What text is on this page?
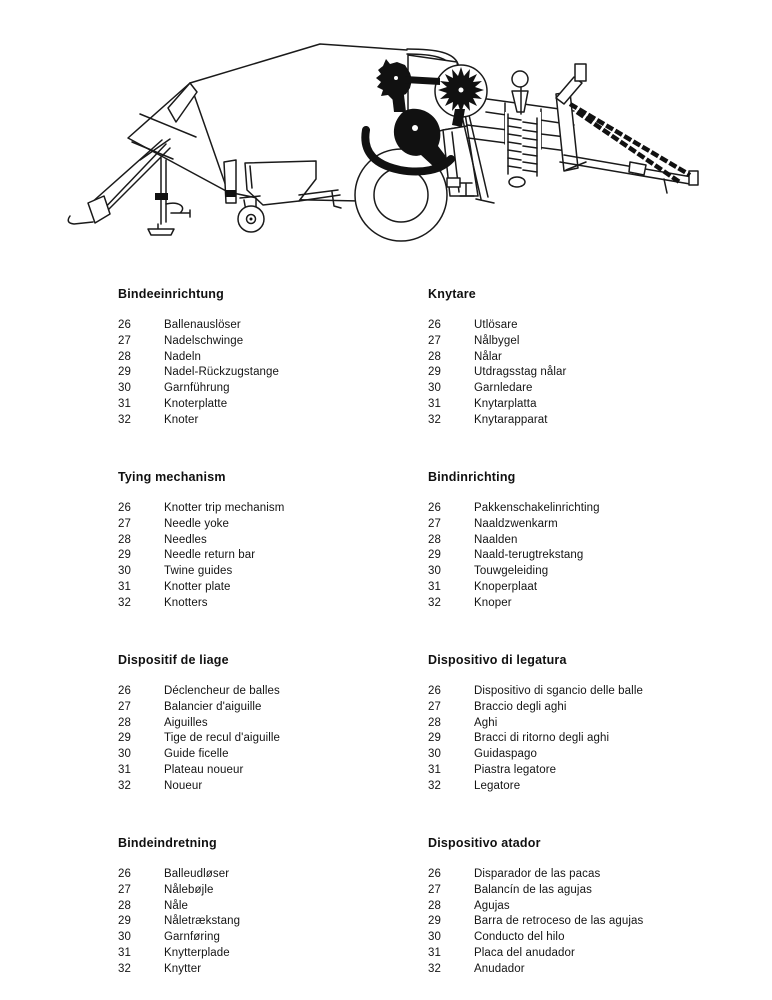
Bindeeinrichtung
26	Ballenauslöser
27	Nadelschwinge
28	Nadeln
29	Nadel-Rückzugstange
30	Garnführung
31	Knoterplatte
32	Knoter
Knytare
26	Utlösare
27	Nålbygel
28	Nålar
29	Utdragsstag nålar
30	Garnledare
31	Knytarplatta
32	Knytarapparat
Tying mechanism
26	Knotter trip mechanism
27	Needle yoke
28	Needles
29	Needle return bar
30	Twine guides
31	Knotter plate
32	Knotters
Bindinrichting
26	Pakkenschakelinrichting
27	Naaldzwenkarm
28	Naalden
29	Naald-terugtrekstang
30	Touwgeleiding
31	Knoperplaat
32	Knoper
Dispositif de liage
26	Déclencheur de balles
27	Balancier d'aiguille
28	Aiguilles
29	Tige de recul d'aiguille
30	Guide ficelle
31	Plateau noueur
32	Noueur
Dispositivo di legatura
26	Dispositivo di sgancio delle balle
27	Braccio degli aghi
28	Aghi
29	Bracci di ritorno degli aghi
30	Guidaspago
31	Piastra legatore
32	Legatore
Bindeindretning
26	Balleudløser
27	Nålebøjle
28	Nåle
29	Nåletrækstang
30	Garnføring
31	Knytterplade
32	Knytter
Dispositivo atador
26	Disparador de las pacas
27	Balancín de las agujas
28	Agujas
29	Barra de retroceso de las agujas
30	Conducto del hilo
31	Placa del anudador
32	Anudador
